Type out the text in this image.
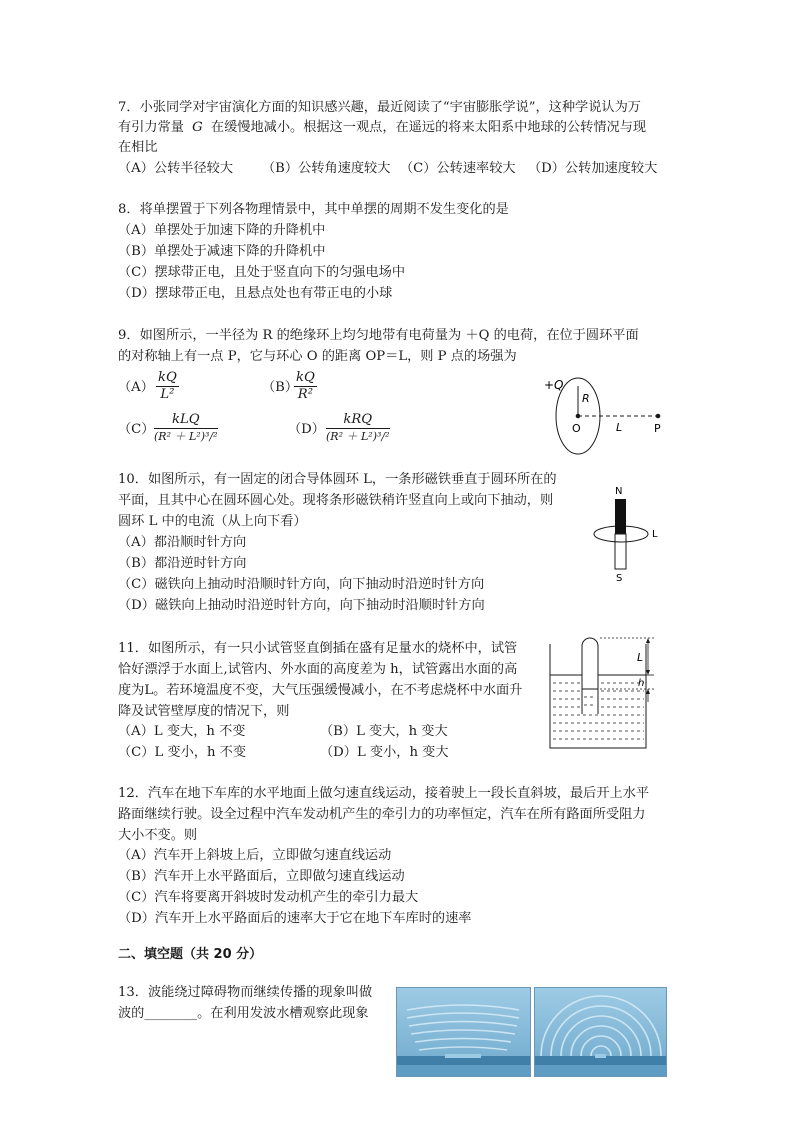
7．小张同学对宇宙演化方面的知识感兴趣，最近阅读了“宇宙膨胀学说”，这种学说认为万
有引力常量 G 在缓慢地减小。根据这一观点，在遥远的将来太阳系中地球的公转情况与现
在相比
（A）公转半径较大 （B）公转角速度较大 （C）公转速率较大 （D）公转加速度较大
8．将单摆置于下列各物理情景中，其中单摆的周期不发生变化的是
（A）单摆处于加速下降的升降机中
（B）单摆处于减速下降的升降机中
（C）摆球带正电，且处于竖直向下的匀强电场中
（D）摆球带正电，且悬点处也有带正电的小球
9．如图所示，一半径为 R 的绝缘环上均匀地带有电荷量为 ＋Q 的电荷，在位于圆环平面
的对称轴上有一点 P，它与环心 O 的距离 OP＝L，则 P 点的场强为
$(A) \frac{kQ}{\text{L²}}$	（B）
$\frac{kQ}{\text{R²}}$
（C）
kLQ
(R² ＋ L²)³/²	（D）
kRQ
(R² ＋ L²)³/²
+Q
R
O	L	P
10．如图所示，有一固定的闭合导体圆环 L，一条形磁铁垂直于圆环所在的
平面，且其中心在圆环圆心处。现将条形磁铁稍许竖直向上或向下抽动，则
圆环 L 中的电流（从上向下看）
（A）都沿顺时针方向
（B）都沿逆时针方向
（C）磁铁向上抽动时沿顺时针方向，向下抽动时沿逆时针方向
（D）磁铁向上抽动时沿逆时针方向，向下抽动时沿顺时针方向
N
L
S
11．如图所示，有一只小试管竖直倒插在盛有足量水的烧杯中，试管
恰好漂浮于水面上,试管内、外水面的高度差为 h，试管露出水面的高
度为L。若环境温度不变，大气压强缓慢减小，在不考虑烧杯中水面升
降及试管壁厚度的情况下，则
（A）L 变大，h 不变	（B）L 变大，h 变大
（C）L 变小，h 不变	（D）L 变小，h 变大
L
h
12．汽车在地下车库的水平地面上做匀速直线运动，接着驶上一段长直斜坡，最后开上水平
路面继续行驶。设全过程中汽车发动机产生的牵引力的功率恒定，汽车在所有路面所受阻力
大小不变。则
（A）汽车开上斜坡上后，立即做匀速直线运动
（B）汽车开上水平路面后，立即做匀速直线运动
（C）汽车将要离开斜坡时发动机产生的牵引力最大
（D）汽车开上水平路面后的速率大于它在地下车库时的速率
二、填空题（共 20 分）
13．波能绕过障碍物而继续传播的现象叫做
波的________。在利用发波水槽观察此现象
